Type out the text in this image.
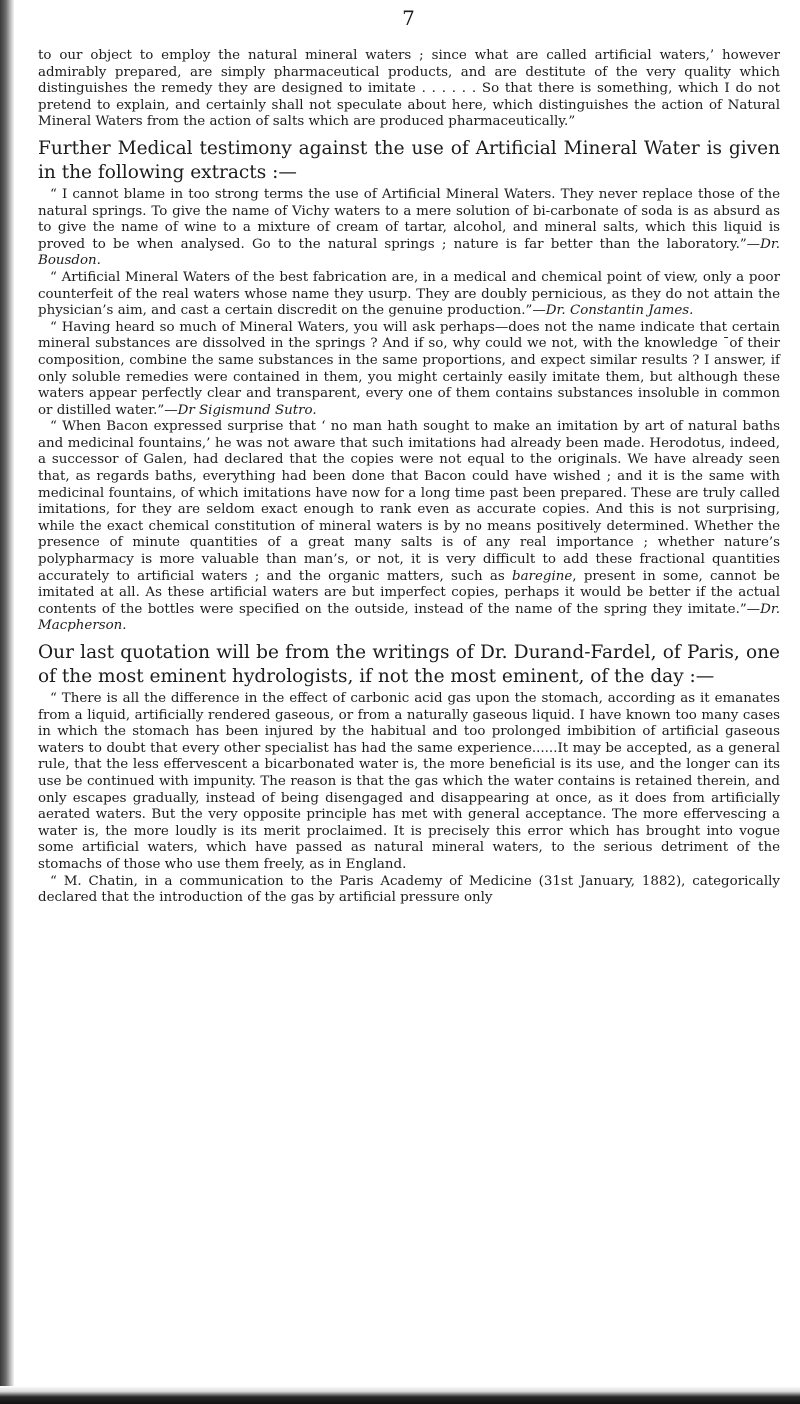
7

to our object to employ the natural mineral waters ; since what are called artificial waters,’ however admirably prepared, are simply pharmaceutical products, and are destitute of the very quality which distinguishes the remedy they are designed to imitate . . . . . . So that there is something, which I do not pretend to explain, and certainly shall not speculate about here, which distinguishes the action of Natural Mineral Waters from the action of salts which are produced pharmaceutically.”

Further Medical testimony against the use of Artificial Mineral Water is given in the following extracts :—

“ I cannot blame in too strong terms the use of Artificial Mineral Waters. They never replace those of the natural springs. To give the name of Vichy waters to a mere solution of bi-carbonate of soda is as absurd as to give the name of wine to a mixture of cream of tartar, alcohol, and mineral salts, which this liquid is proved to be when analysed. Go to the natural springs ; nature is far better than the laboratory.”—Dr. Bousdon.

“ Artificial Mineral Waters of the best fabrication are, in a medical and chemical point of view, only a poor counterfeit of the real waters whose name they usurp. They are doubly pernicious, as they do not attain the physician’s aim, and cast a certain discredit on the genuine production.”—Dr. Constantin James.

“ Having heard so much of Mineral Waters, you will ask perhaps—does not the name indicate that certain mineral substances are dissolved in the springs ? And if so, why could we not, with the knowledge ˉof their composition, combine the same substances in the same proportions, and expect similar results ? I answer, if only soluble remedies were contained in them, you might certainly easily imitate them, but although these waters appear perfectly clear and transparent, every one of them contains substances insoluble in common or distilled water.”—Dr Sigismund Sutro.

“ When Bacon expressed surprise that ‘ no man hath sought to make an imitation by art of natural baths and medicinal fountains,’ he was not aware that such imitations had already been made. Herodotus, indeed, a successor of Galen, had declared that the copies were not equal to the originals. We have already seen that, as regards baths, everything had been done that Bacon could have wished ; and it is the same with medicinal fountains, of which imitations have now for a long time past been prepared. These are truly called imitations, for they are seldom exact enough to rank even as accurate copies. And this is not surprising, while the exact chemical constitution of mineral waters is by no means positively determined. Whether the presence of minute quantities of a great many salts is of any real importance ; whether nature’s polypharmacy is more valuable than man’s, or not, it is very difficult to add these fractional quantities accurately to artificial waters ; and the organic matters, such as baregine, present in some, cannot be imitated at all. As these artificial waters are but imperfect copies, perhaps it would be better if the actual contents of the bottles were specified on the outside, instead of the name of the spring they imitate.”—Dr. Macpherson.

Our last quotation will be from the writings of Dr. Durand-Fardel, of Paris, one of the most eminent hydrologists, if not the most eminent, of the day :—

“ There is all the difference in the effect of carbonic acid gas upon the stomach, according as it emanates from a liquid, artificially rendered gaseous, or from a naturally gaseous liquid. I have known too many cases in which the stomach has been injured by the habitual and too prolonged imbibition of artificial gaseous waters to doubt that every other specialist has had the same experience......It may be accepted, as a general rule, that the less effervescent a bicarbonated water is, the more beneficial is its use, and the longer can its use be continued with impunity. The reason is that the gas which the water contains is retained therein, and only escapes gradually, instead of being disengaged and disappearing at once, as it does from artificially aerated waters. But the very opposite principle has met with general acceptance. The more effervescing a water is, the more loudly is its merit proclaimed. It is precisely this error which has brought into vogue some artificial waters, which have passed as natural mineral waters, to the serious detriment of the stomachs of those who use them freely, as in England.

“ M. Chatin, in a communication to the Paris Academy of Medicine (31st January, 1882), categorically declared that the introduction of the gas by artificial pressure only
